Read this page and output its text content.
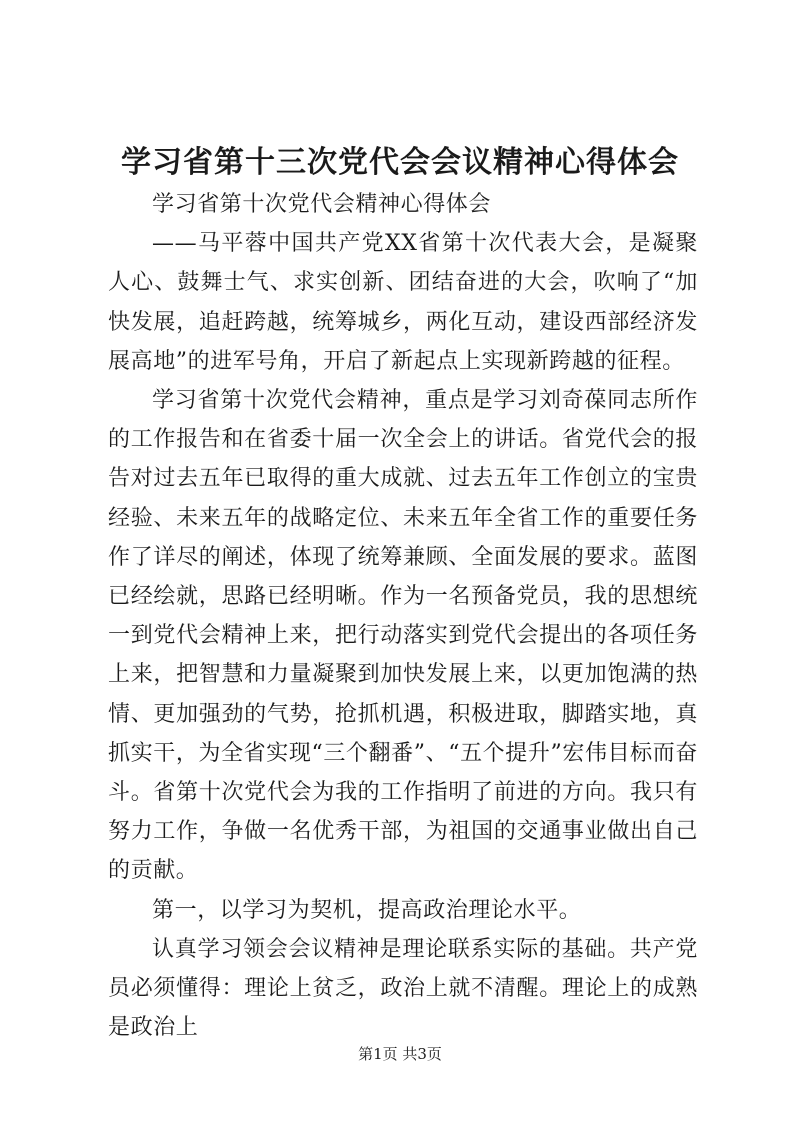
学习省第十三次党代会会议精神心得体会

学习省第十次党代会精神心得体会

——马平蓉中国共产党XX省第十次代表大会，是凝聚人心、鼓舞士气、求实创新、团结奋进的大会，吹响了“加快发展，追赶跨越，统筹城乡，两化互动，建设西部经济发展高地”的进军号角，开启了新起点上实现新跨越的征程。

学习省第十次党代会精神，重点是学习刘奇葆同志所作的工作报告和在省委十届一次全会上的讲话。省党代会的报告对过去五年已取得的重大成就、过去五年工作创立的宝贵经验、未来五年的战略定位、未来五年全省工作的重要任务作了详尽的阐述，体现了统筹兼顾、全面发展的要求。蓝图已经绘就，思路已经明晰。作为一名预备党员，我的思想统一到党代会精神上来，把行动落实到党代会提出的各项任务上来，把智慧和力量凝聚到加快发展上来，以更加饱满的热情、更加强劲的气势，抢抓机遇，积极进取，脚踏实地，真抓实干，为全省实现“三个翻番”、“五个提升”宏伟目标而奋斗。省第十次党代会为我的工作指明了前进的方向。我只有努力工作，争做一名优秀干部，为祖国的交通事业做出自己的贡献。

第一，以学习为契机，提高政治理论水平。

认真学习领会会议精神是理论联系实际的基础。共产党员必须懂得：理论上贫乏，政治上就不清醒。理论上的成熟是政治上

第1页 共3页
